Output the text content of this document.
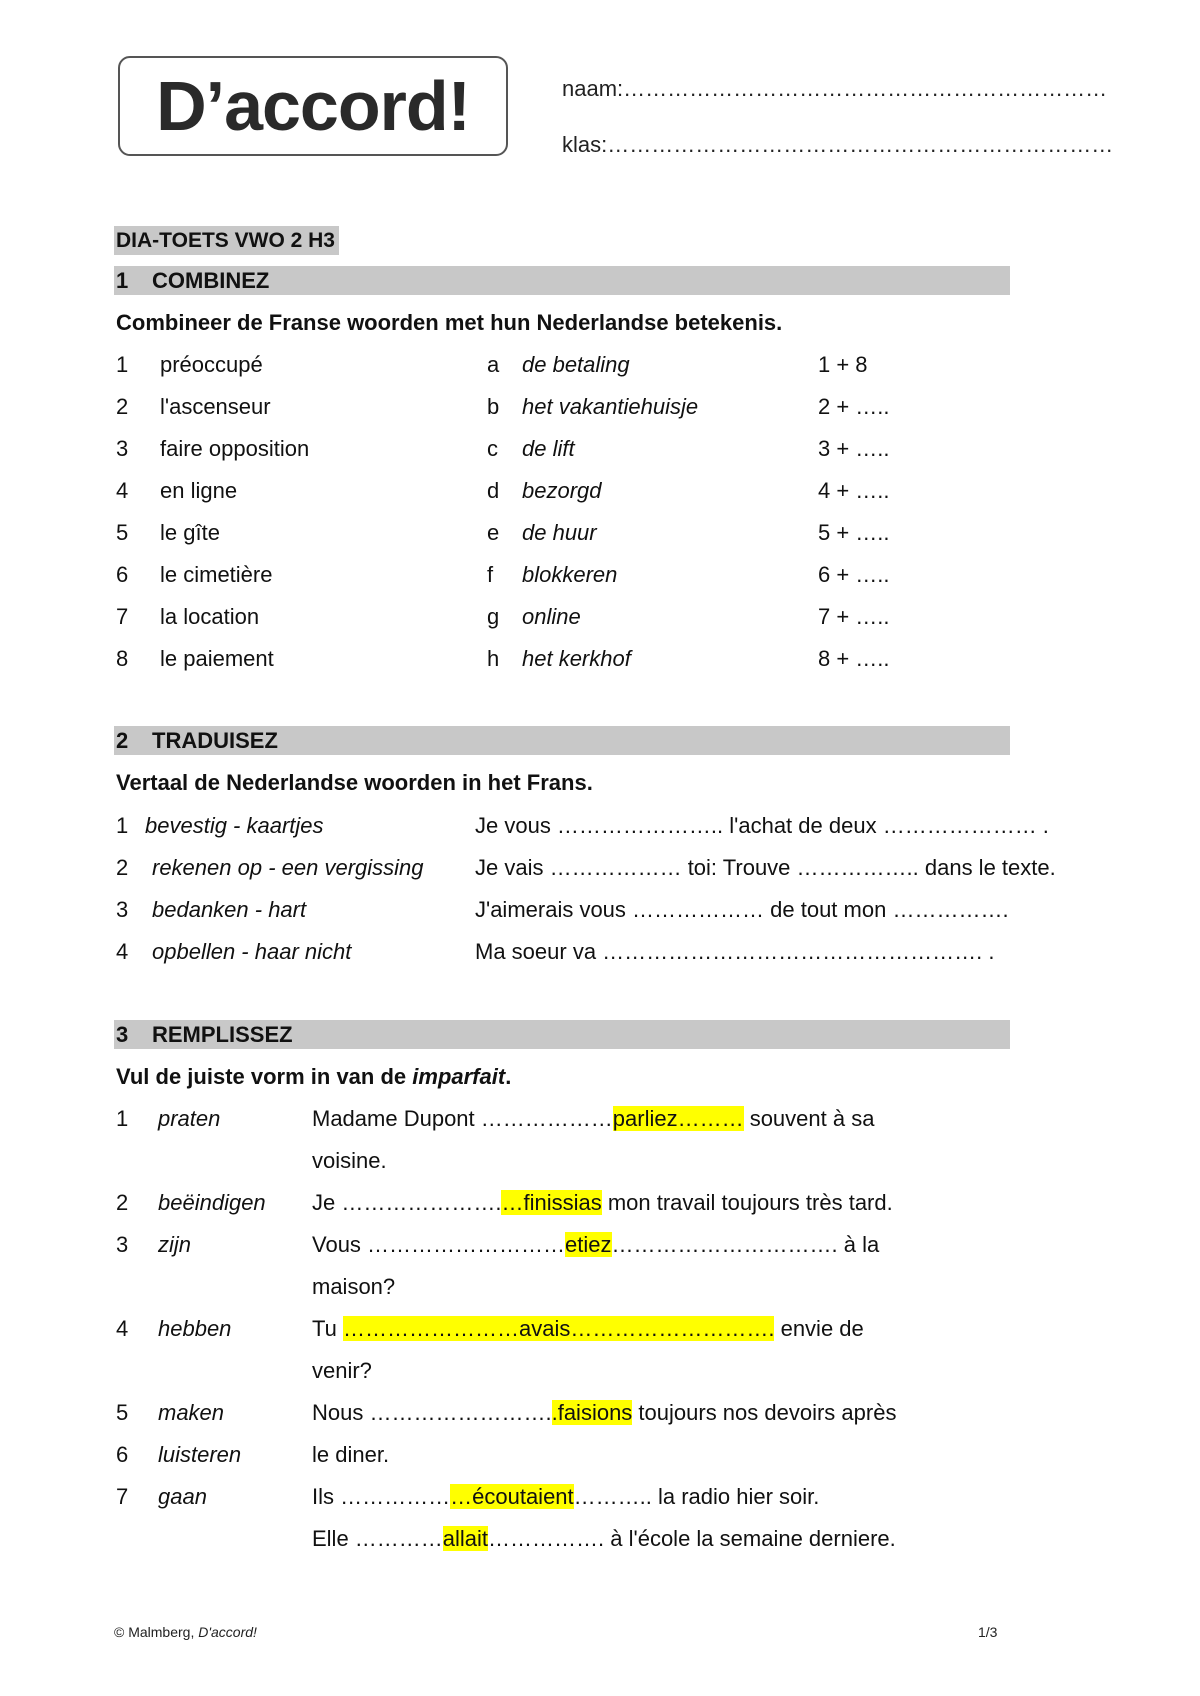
D’accord!	naam:…………………………………………………………
klas:……………………………………………………………
DIA-TOETS VWO 2 H3
1 COMBINEZ
Combineer de Franse woorden met hun Nederlandse betekenis.
1 préoccupé	a de betaling	1 + 8
2 l'ascenseur	b het vakantiehuisje	2 + …..
3 faire opposition	c de lift	3 + …..
4 en ligne	d bezorgd	4 + …..
5 le gîte	e de huur	5 + …..
6 le cimetière	f blokkeren	6 + …..
7 la location	g online	7 + …..
8 le paiement	h het kerkhof	8 + …..
2 TRADUISEZ
Vertaal de Nederlandse woorden in het Frans.
1 bevestig - kaartjes	Je vous ………………….. l'achat de deux ………………… .
2 rekenen op - een vergissing Je vais ……………… toi: Trouve …………….. dans le texte.
3 bedanken - hart	J'aimerais vous ……………… de tout mon …………….
4 opbellen - haar nicht	Ma soeur va ……………………………………………. .
3 REMPLISSEZ
Vul de juiste vorm in van de imparfait.
1 praten	Madame Dupont ………………parliez……… souvent à sa
voisine.
2 beëindigen Je ………………….…finissias mon travail toujours très tard.
3 zijn	Vous ………………………etiez…………………………. à la
maison?
4 hebben	Tu ……………………avais………………………. envie de
venir?
5 maken	Nous ……………………..faisions toujours nos devoirs après
6 luisteren	le diner.
7 gaan	Ils ………………écoutaient……….. la radio hier soir.
Elle …………allait……………. à l'école la semaine derniere.
© Malmberg, D'accord!	1/3
